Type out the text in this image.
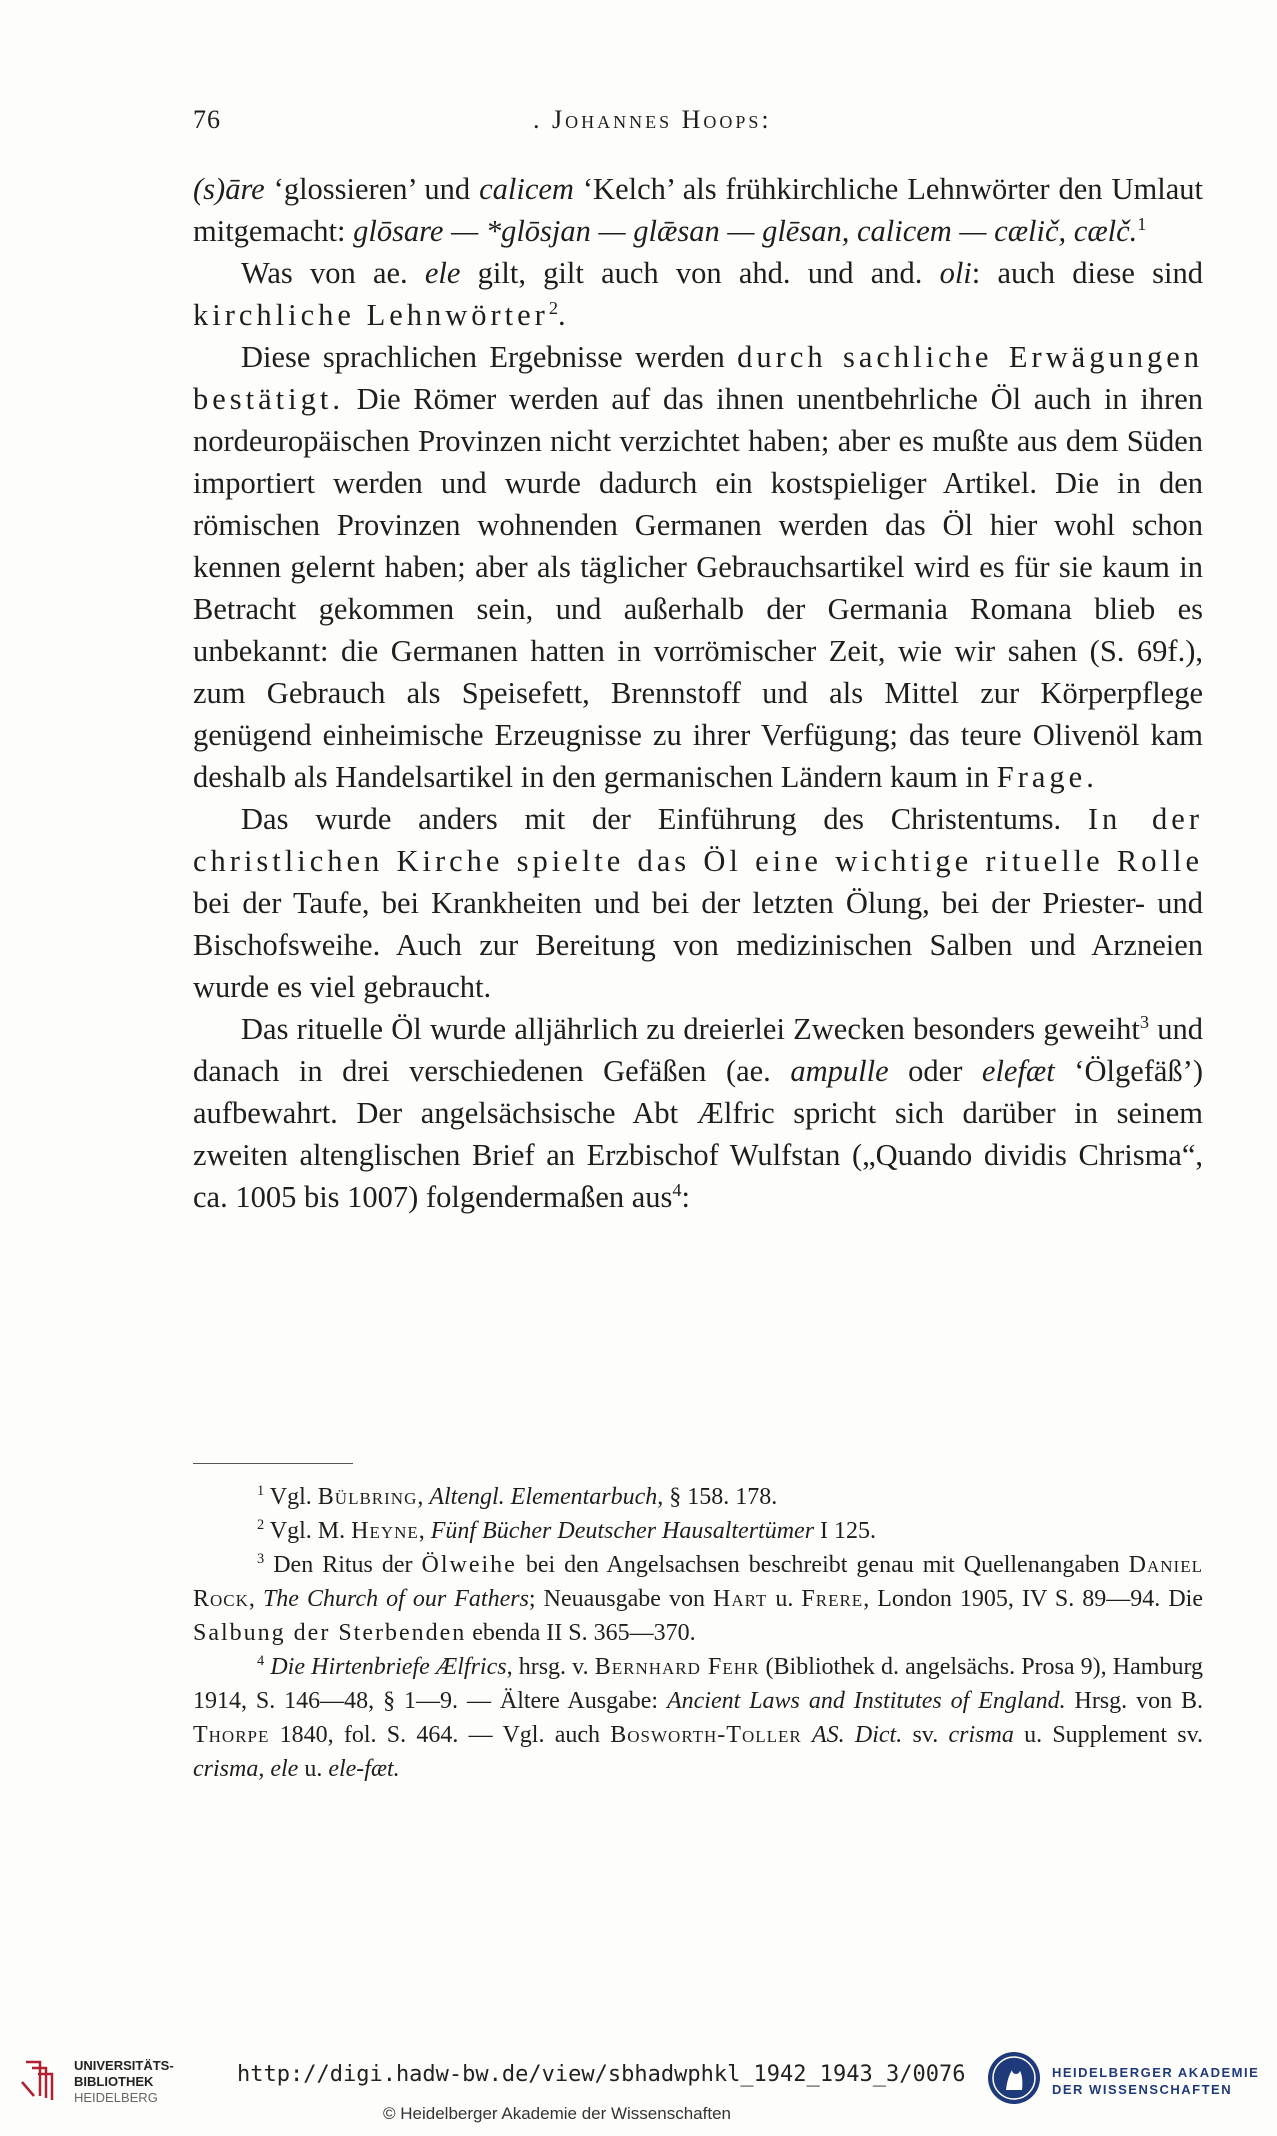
76	. Johannes Hoops:

(s)āre ‘glossieren’ und calicem ‘Kelch’ als frühkirchliche Lehnwörter den Umlaut mitgemacht: glōsare — *glōsjan — glǣsan — glēsan, calicem — cælič, cælč.$^1$

Was von ae. ele gilt, gilt auch von ahd. und and. oli: auch diese sind kirchliche Lehnwörter$^2$.

Diese sprachlichen Ergebnisse werden durch sachliche Erwägungen bestätigt. Die Römer werden auf das ihnen unentbehrliche Öl auch in ihren nordeuropäischen Provinzen nicht verzichtet haben; aber es mußte aus dem Süden importiert werden und wurde dadurch ein kostspieliger Artikel. Die in den römischen Provinzen wohnenden Germanen werden das Öl hier wohl schon kennen gelernt haben; aber als täglicher Gebrauchsartikel wird es für sie kaum in Betracht gekommen sein, und außerhalb der Germania Romana blieb es unbekannt: die Germanen hatten in vorrömischer Zeit, wie wir sahen (S. 69f.), zum Gebrauch als Speisefett, Brennstoff und als Mittel zur Körperpflege genügend einheimische Erzeugnisse zu ihrer Verfügung; das teure Olivenöl kam deshalb als Handelsartikel in den germanischen Ländern kaum in Frage.

Das wurde anders mit der Einführung des Christentums. In der christlichen Kirche spielte das Öl eine wichtige rituelle Rolle bei der Taufe, bei Krankheiten und bei der letzten Ölung, bei der Priester- und Bischofsweihe. Auch zur Bereitung von medizinischen Salben und Arzneien wurde es viel gebraucht.

Das rituelle Öl wurde alljährlich zu dreierlei Zwecken besonders geweiht$^3$ und danach in drei verschiedenen Gefäßen (ae. ampulle oder elefæt ‘Ölgefäß’) aufbewahrt. Der angelsächsische Abt Ælfric spricht sich darüber in seinem zweiten altenglischen Brief an Erzbischof Wulfstan („Quando dividis Chrisma“, ca. 1005 bis 1007) folgendermaßen aus$^4$:

$^1$ Vgl. Bülbring, Altengl. Elementarbuch, § 158. 178.

$^2$ Vgl. M. Heyne, Fünf Bücher Deutscher Hausaltertümer I 125.

$^3$ Den Ritus der Ölweihe bei den Angelsachsen beschreibt genau mit Quellenangaben Daniel Rock, The Church of our Fathers; Neuausgabe von Hart u. Frere, London 1905, IV S. 89—94. Die Salbung der Sterbenden ebenda II S. 365—370.

$^4$ Die Hirtenbriefe Ælfrics, hrsg. v. Bernhard Fehr (Bibliothek d. angelsächs. Prosa 9), Hamburg 1914, S. 146—48, § 1—9. — Ältere Ausgabe: Ancient Laws and Institutes of England. Hrsg. von B. Thorpe 1840, fol. S. 464. — Vgl. auch Bosworth-Toller AS. Dict. sv. crisma u. Supplement sv. crisma, ele u. ele-fæt.

UNIVERSITÄTS-
BIBLIOTHEK
HEIDELBERG
http://digi.hadw-bw.de/view/sbhadwphkl_1942_1943_3/0076
© Heidelberger Akademie der Wissenschaften
HEIDELBERGER AKADEMIE
DER WISSENSCHAFTEN
